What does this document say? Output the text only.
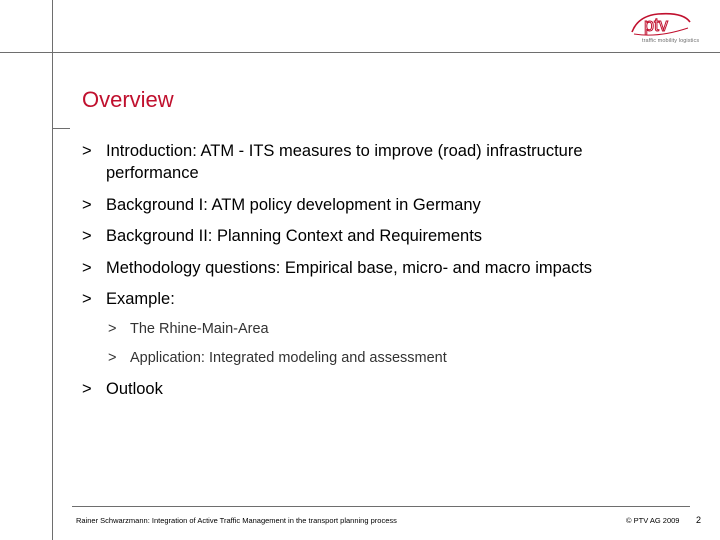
ptv
traffic mobility logistics
Overview
> Introduction: ATM - ITS measures to improve (road) infrastructure
performance
> Background I: ATM policy development in Germany
> Background II: Planning Context and Requirements
> Methodology questions: Empirical base, micro- and macro impacts
> Example:
> The Rhine-Main-Area
> Application: Integrated modeling and assessment
> Outlook
Rainer Schwarzmann: Integration of Active Traffic Management in the transport planning process	© PTV AG 2009 2
